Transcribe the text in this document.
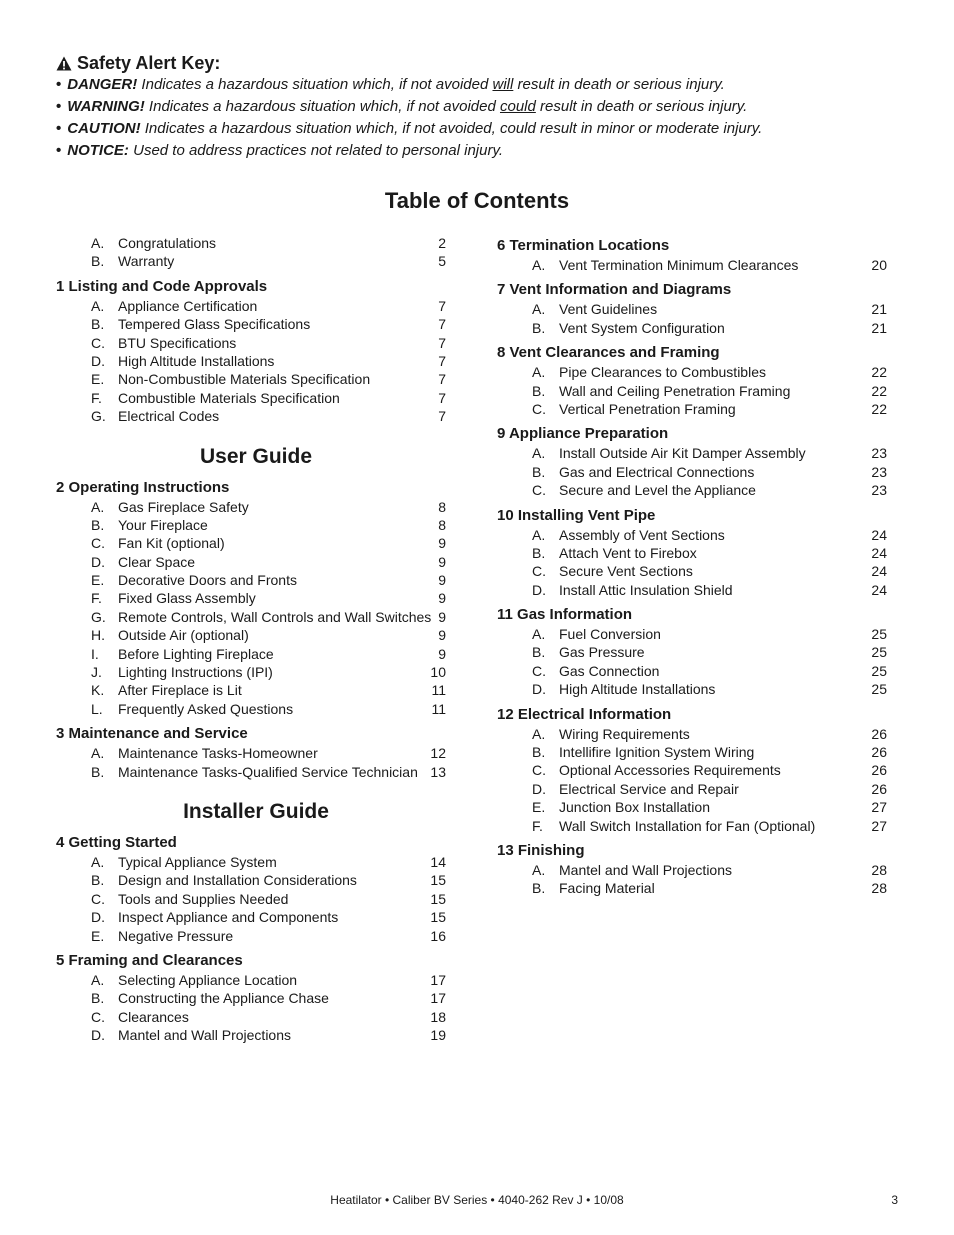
Safety Alert Key:
• DANGER! Indicates a hazardous situation which, if not avoided will result in death or serious injury.
• WARNING! Indicates a hazardous situation which, if not avoided could result in death or serious injury.
• CAUTION! Indicates a hazardous situation which, if not avoided, could result in minor or moderate injury.
• NOTICE: Used to address practices not related to personal injury.
Table of Contents
A. Congratulations	2
B. Warranty	5
1 Listing and Code Approvals
A. Appliance Certification	7
B. Tempered Glass Specifications	7
C. BTU Specifications	7
D. High Altitude Installations	7
E. Non-Combustible Materials Specification	7
F. Combustible Materials Specification	7
G. Electrical Codes	7
User Guide
2 Operating Instructions
A. Gas Fireplace Safety	8
B. Your Fireplace	8
C. Fan Kit (optional)	9
D. Clear Space	9
E. Decorative Doors and Fronts	9
F. Fixed Glass Assembly	9
G. Remote Controls, Wall Controls and Wall Switches 9
H. Outside Air (optional)	9
I. Before Lighting Fireplace	9
J. Lighting Instructions (IPI)	10
K. After Fireplace is Lit	11
L. Frequently Asked Questions	11
3 Maintenance and Service
A. Maintenance Tasks-Homeowner	12
B. Maintenance Tasks-Qualified Service Technician 13
Installer Guide
4 Getting Started
A. Typical Appliance System	14
B. Design and Installation Considerations	15
C. Tools and Supplies Needed	15
D. Inspect Appliance and Components	15
E. Negative Pressure	16
5 Framing and Clearances
A. Selecting Appliance Location	17
B. Constructing the Appliance Chase	17
C. Clearances	18
D. Mantel and Wall Projections	19
6 Termination Locations
A. Vent Termination Minimum Clearances	20
7 Vent Information and Diagrams
A. Vent Guidelines	21
B. Vent System Configuration	21
8 Vent Clearances and Framing
A. Pipe Clearances to Combustibles	22
B. Wall and Ceiling Penetration Framing	22
C. Vertical Penetration Framing	22
9 Appliance Preparation
A. Install Outside Air Kit Damper Assembly	23
B. Gas and Electrical Connections	23
C. Secure and Level the Appliance	23
10 Installing Vent Pipe
A. Assembly of Vent Sections	24
B. Attach Vent to Firebox	24
C. Secure Vent Sections	24
D. Install Attic Insulation Shield	24
11 Gas Information
A. Fuel Conversion	25
B. Gas Pressure	25
C. Gas Connection	25
D. High Altitude Installations	25
12 Electrical Information
A. Wiring Requirements	26
B. Intellifire Ignition System Wiring	26
C. Optional Accessories Requirements	26
D. Electrical Service and Repair	26
E. Junction Box Installation	27
F. Wall Switch Installation for Fan (Optional)	27
13 Finishing
A. Mantel and Wall Projections	28
B. Facing Material	28
Heatilator • Caliber BV Series • 4040-262 Rev J • 10/08	3
